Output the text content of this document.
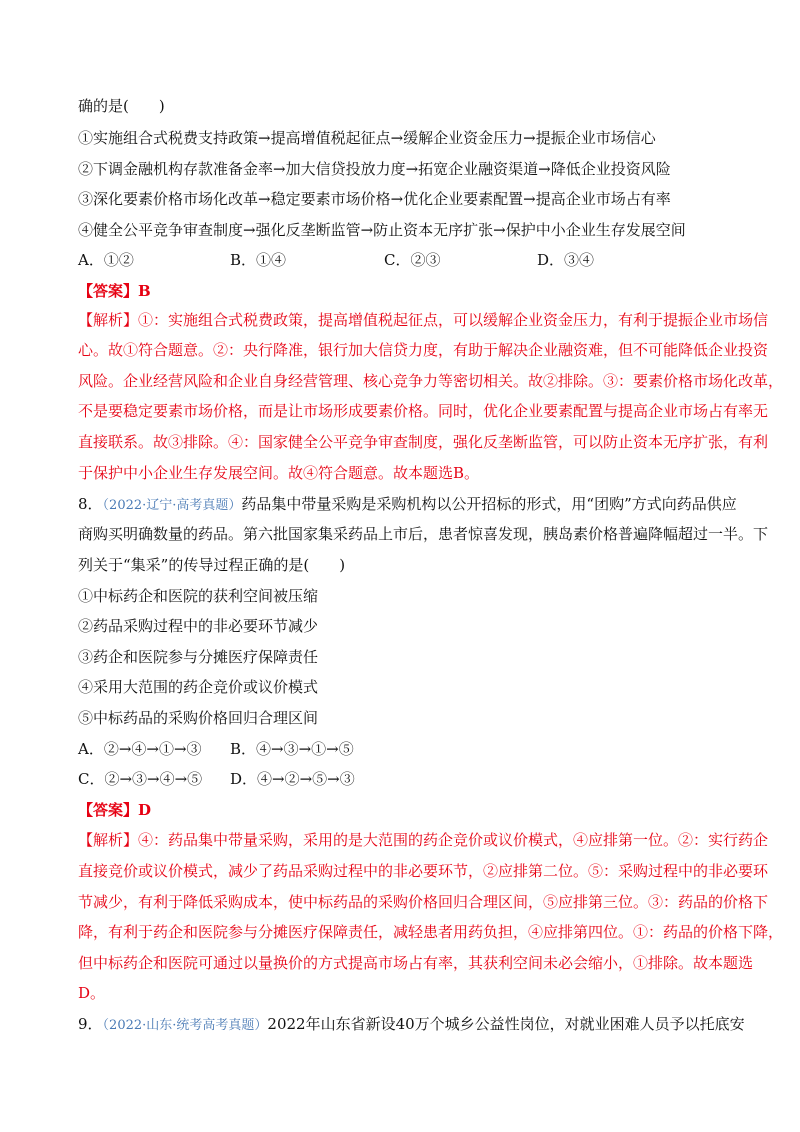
确的是(　　)
①实施组合式税费支持政策→提高增值税起征点→缓解企业资金压力→提振企业市场信心
②下调金融机构存款准备金率→加大信贷投放力度→拓宽企业融资渠道→降低企业投资风险
③深化要素价格市场化改革→稳定要素市场价格→优化企业要素配置→提高企业市场占有率
④健全公平竞争审查制度→强化反垄断监管→防止资本无序扩张→保护中小企业生存发展空间
A．①②	B．①④	C．②③	D．③④
【答案】B
【解析】①：实施组合式税费政策，提高增值税起征点，可以缓解企业资金压力，有利于提振企业市场信
心。故①符合题意。②：央行降准，银行加大信贷力度，有助于解决企业融资难，但不可能降低企业投资
风险。企业经营风险和企业自身经营管理、核心竞争力等密切相关。故②排除。③：要素价格市场化改革，
不是要稳定要素市场价格，而是让市场形成要素价格。同时，优化企业要素配置与提高企业市场占有率无
直接联系。故③排除。④：国家健全公平竞争审查制度，强化反垄断监管，可以防止资本无序扩张，有利
于保护中小企业生存发展空间。故④符合题意。故本题选B。
8．（2022·辽宁·高考真题）药品集中带量采购是采购机构以公开招标的形式，用“团购”方式向药品供应
商购买明确数量的药品。第六批国家集采药品上市后，患者惊喜发现，胰岛素价格普遍降幅超过一半。下
列关于“集采”的传导过程正确的是(　　)
①中标药企和医院的获利空间被压缩
②药品采购过程中的非必要环节减少
③药企和医院参与分摊医疗保障责任
④采用大范围的药企竞价或议价模式
⑤中标药品的采购价格回归合理区间
A．②→④→①→③ B．④→③→①→⑤
C．②→③→④→⑤ D．④→②→⑤→③
【答案】D
【解析】④：药品集中带量采购，采用的是大范围的药企竞价或议价模式，④应排第一位。②：实行药企
直接竞价或议价模式，减少了药品采购过程中的非必要环节，②应排第二位。⑤：采购过程中的非必要环
节减少，有利于降低采购成本，使中标药品的采购价格回归合理区间，⑤应排第三位。③：药品的价格下
降，有利于药企和医院参与分摊医疗保障责任，减轻患者用药负担，④应排第四位。①：药品的价格下降，
但中标药企和医院可通过以量换价的方式提高市场占有率，其获利空间未必会缩小，①排除。故本题选
D。
9．（2022·山东·统考高考真题）2022年山东省新设40万个城乡公益性岗位，对就业困难人员予以托底安
